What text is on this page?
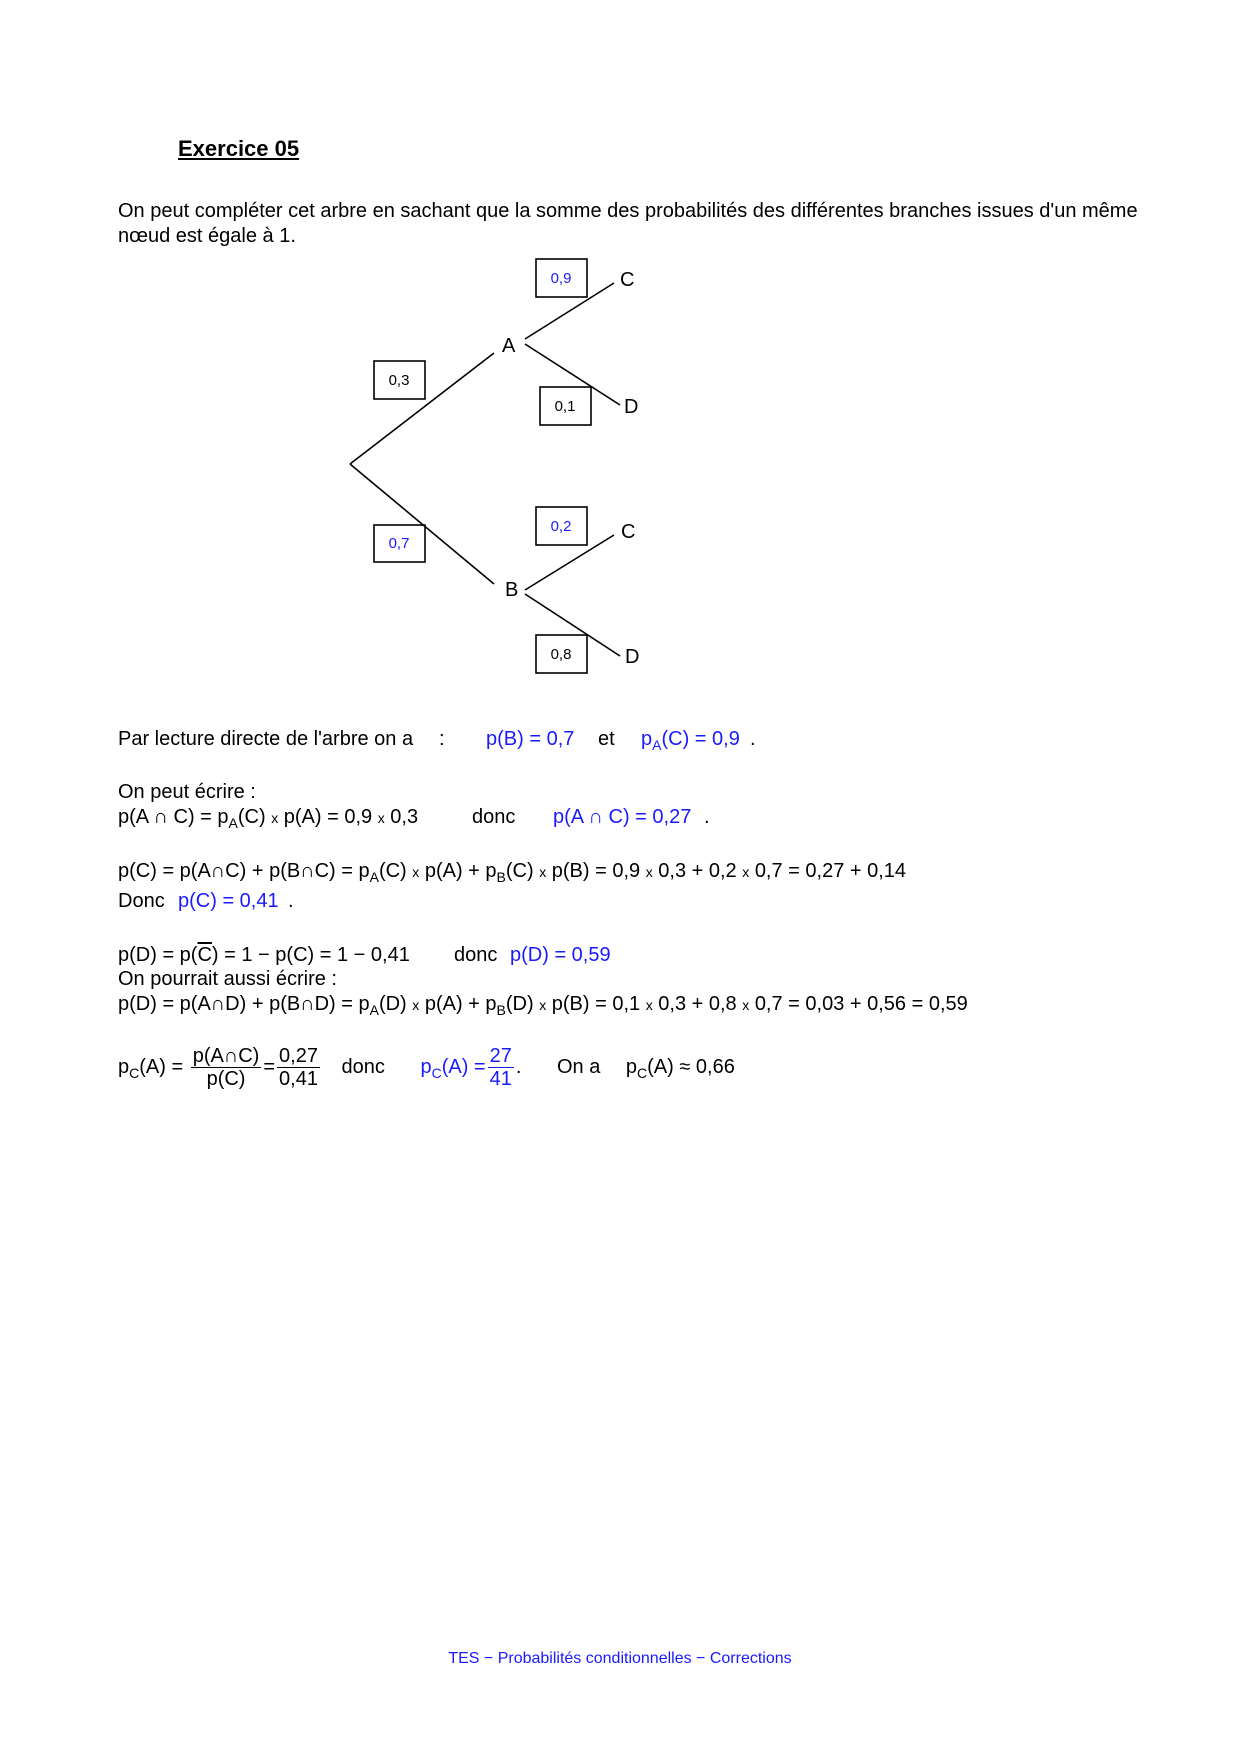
Exercice 05
On peut compléter cet arbre en sachant que la somme des probabilités des différentes branches issues d'un même nœud est égale à 1.
A
B
C
D
C
D
0,3
0,7
0,9
0,1
0,2
0,8
Par lecture directe de l'arbre on a : p(B) = 0,7 et $p_A(C) = 0,9$ .
On peut écrire :
p(A ∩ $C) = p_A(C)$ x p(A) = 0,9 x 0,3	donc p(A ∩ C) = 0,27 .
p(C) = p(A∩C) + p(B∩C) = $p_A(C)$ x $p(A) + p_B(C)$ x p(B) = 0,9 x 0,3 + 0,2 x 0,7 = 0,27 + 0,14
Donc p(C) = 0,41 .
$p(D) = p(\overline{C}) = 1 - p(C) = 1 - 0,41$ donc p(D) = 0,59
On pourrait aussi écrire :
p(D) = p(A∩D) + p(B∩D) = $p_A(D)$ x $p(A) + p_B(D)$ x p(B) = 0,1 x 0,3 + 0,8 x 0,7 = 0,03 + 0,56 = 0,59
$p_C(A) = \frac{p(A\cap C)}{p(C)} = \frac{0,27}{0,41}$ donc $p_C(A) = \frac{27}{41}$ . On a $p_C(A) \approx 0,66$
TES − Probabilités conditionnelles − Corrections
